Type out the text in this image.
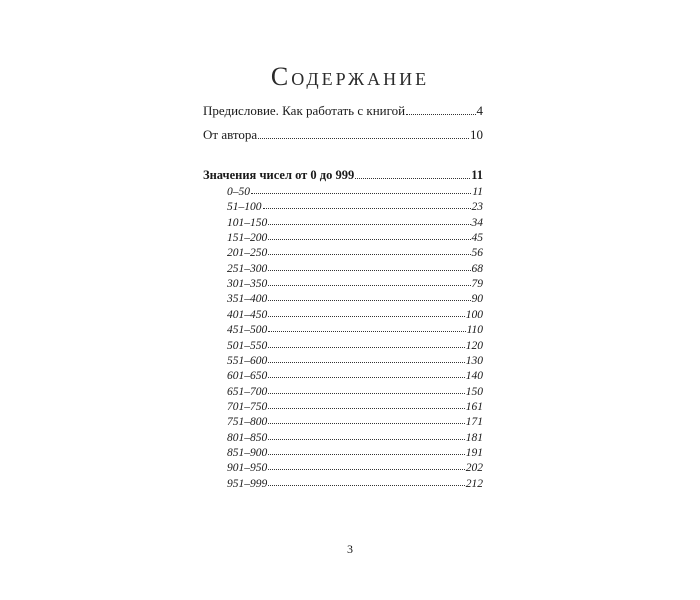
Содержание
Предисловие. Как работать с книгой	4
От автора	10
Значения чисел от 0 до 999	11
0–50	11
51–100	23
101–150	34
151–200	45
201–250	56
251–300	68
301–350	79
351–400	90
401–450	100
451–500	110
501–550	120
551–600	130
601–650	140
651–700	150
701–750	161
751–800	171
801–850	181
851–900	191
901–950	202
951–999	212
3
